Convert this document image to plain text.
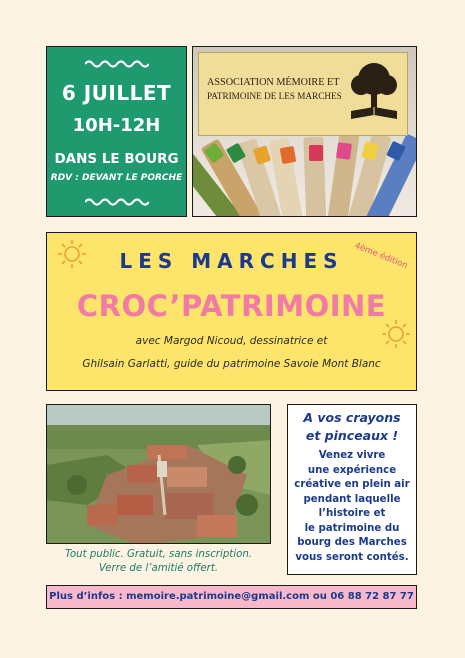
6 JUILLET
10H-12H
DANS LE BOURG
RDV : DEVANT LE PORCHE
ASSOCIATION MÉMOIRE ET
PATRIMOINE DE LES MARCHES
LES MARCHES	4ème édition
CROC’PATRIMOINE
avec Margod Nicoud, dessinatrice et
Ghilsain Garlatti, guide du patrimoine Savoie Mont Blanc
Tout public. Gratuit, sans inscription.
Verre de l’amitié offert.
A vos crayons
et pinceaux !
Venez vivre
une expérience
créative en plein air
pendant laquelle
l’histoire et
le patrimoine du
bourg des Marches
vous seront contés.
Plus d’infos : memoire.patrimoine@gmail.com ou 06 88 72 87 77
